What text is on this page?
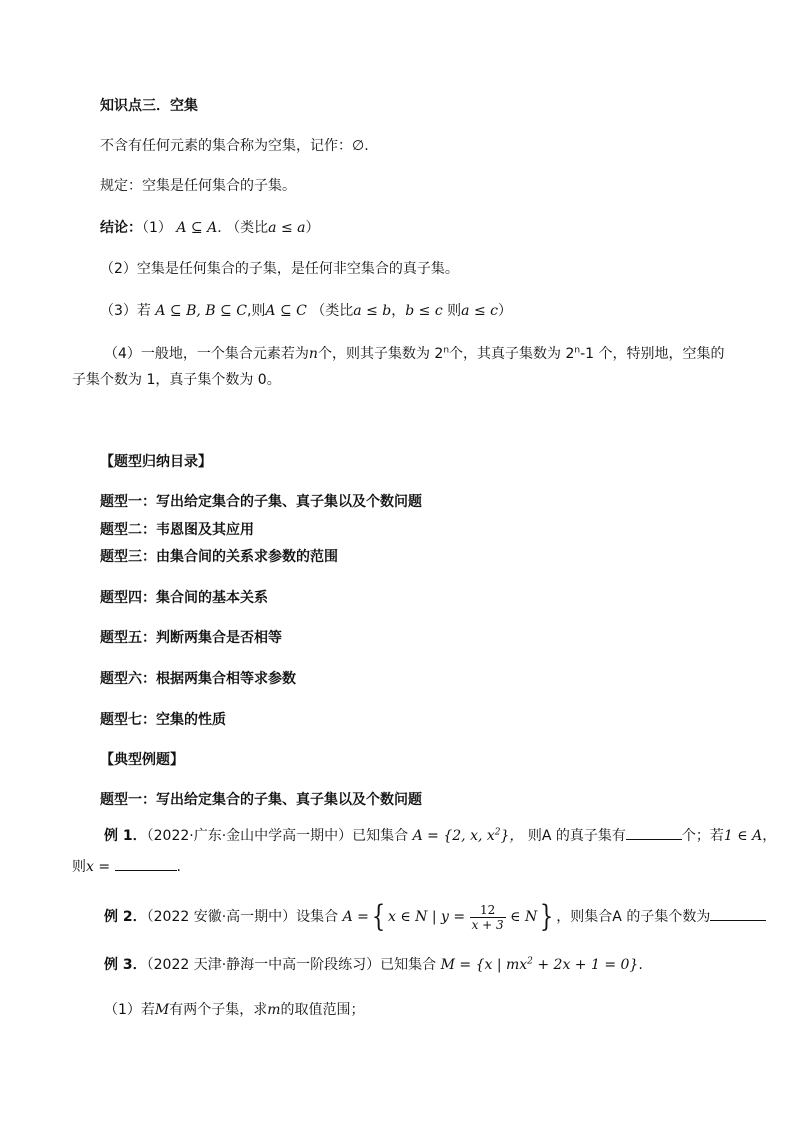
知识点三．空集
不含有任何元素的集合称为空集，记作：∅.
规定：空集是任何集合的子集。
结论：（1） A ⊆ A. （类比a ≤ a）
（2）空集是任何集合的子集，是任何非空集合的真子集。
（3）若 A ⊆ B, B ⊆ C,则A ⊆ C （类比a ≤ b，b ≤ c 则a ≤ c）
（4）一般地，一个集合元素若为n个，则其子集数为 2$^n$个，其真子集数为 2$^n$-1 个，特别地，空集的
子集个数为 1，真子集个数为 0。
【题型归纳目录】
题型一：写出给定集合的子集、真子集以及个数问题
题型二：韦恩图及其应用
题型三：由集合间的关系求参数的范围
题型四：集合间的基本关系
题型五：判断两集合是否相等
题型六：根据两集合相等求参数
题型七：空集的性质
【典型例题】
题型一：写出给定集合的子集、真子集以及个数问题
例 1．（2022·广东·金山中学高一期中）已知集合 A = {2, x, $x^2$}， 则A 的真子集有	个；若1 ∈ A，
则x =	.
例 2．（2022 安徽·高一期中）设集合 A ={ x ∈ N | $y = \frac{12}{x + 3}$ ∈ N} ，则集合A 的子集个数为
例 3．（2022 天津·静海一中高一阶段练习）已知集合 M = {x | $mx^2 + 2x + 1 = 0$}.
（1）若M有两个子集，求m的取值范围；
